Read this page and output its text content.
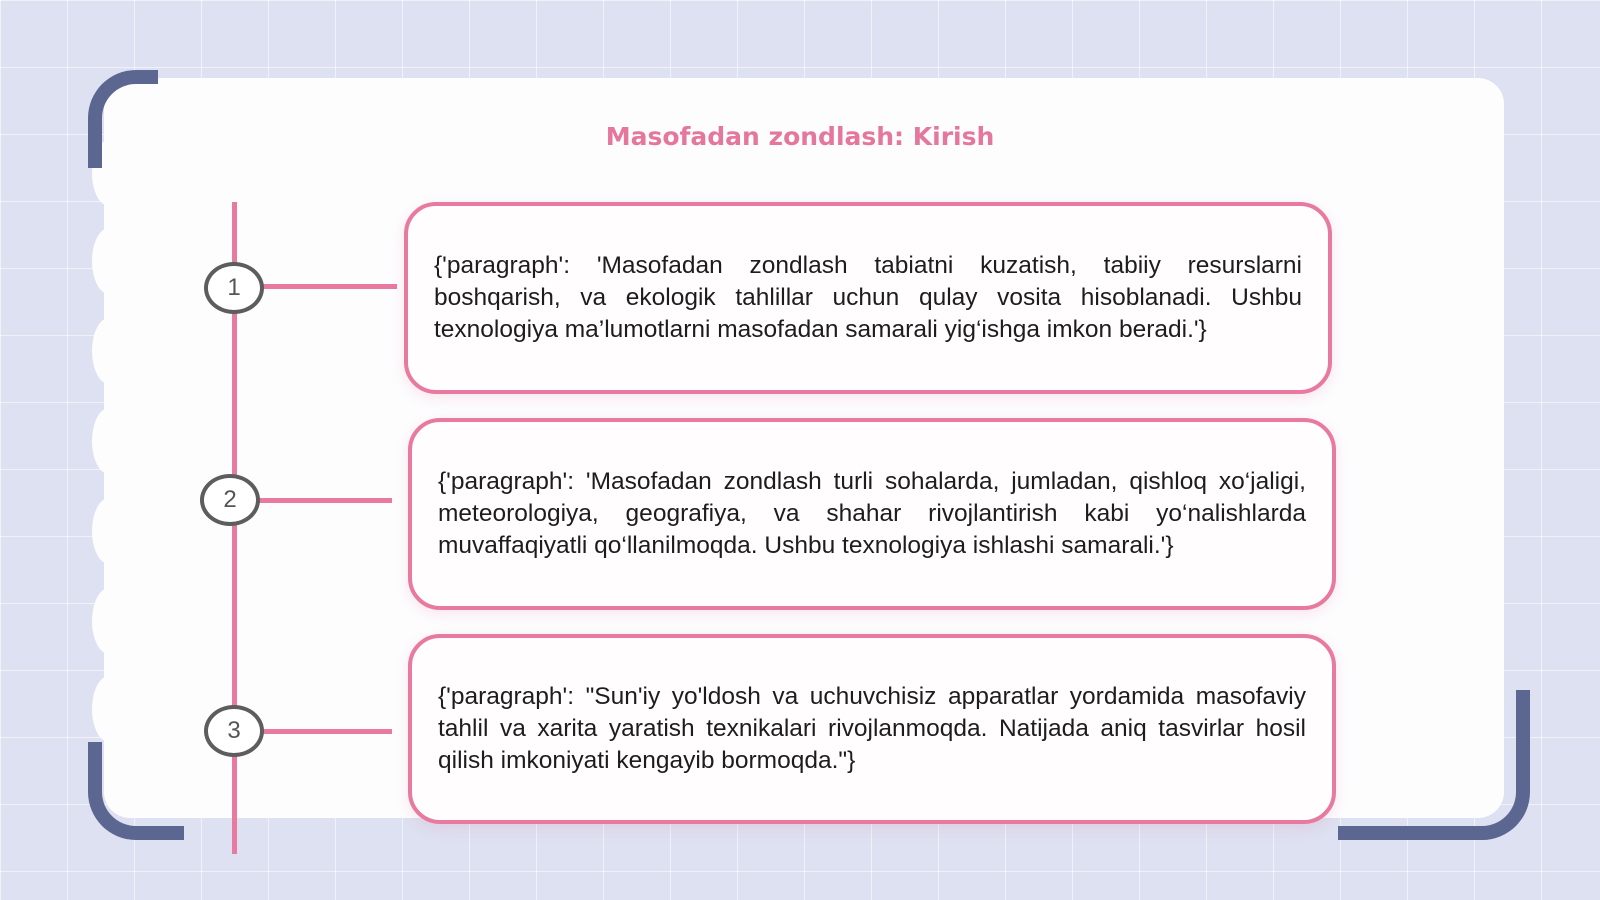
Masofadan zondlash: Kirish
1
2
3

{'paragraph': 'Masofadan zondlash tabiatni kuzatish, tabiiy resurslarni boshqarish, va ekologik tahlillar uchun qulay vosita hisoblanadi. Ushbu texnologiya ma’lumotlarni masofadan samarali yig‘ishga imkon beradi.'}

{'paragraph': 'Masofadan zondlash turli sohalarda, jumladan, qishloq xo‘jaligi, meteorologiya, geografiya, va shahar rivojlantirish kabi yo‘nalishlarda muvaffaqiyatli qo‘llanilmoqda. Ushbu texnologiya ishlashi samarali.'}

{'paragraph': "Sun'iy yo'ldosh va uchuvchisiz apparatlar yordamida masofaviy tahlil va xarita yaratish texnikalari rivojlanmoqda. Natijada aniq tasvirlar hosil qilish imkoniyati kengayib bormoqda."}
